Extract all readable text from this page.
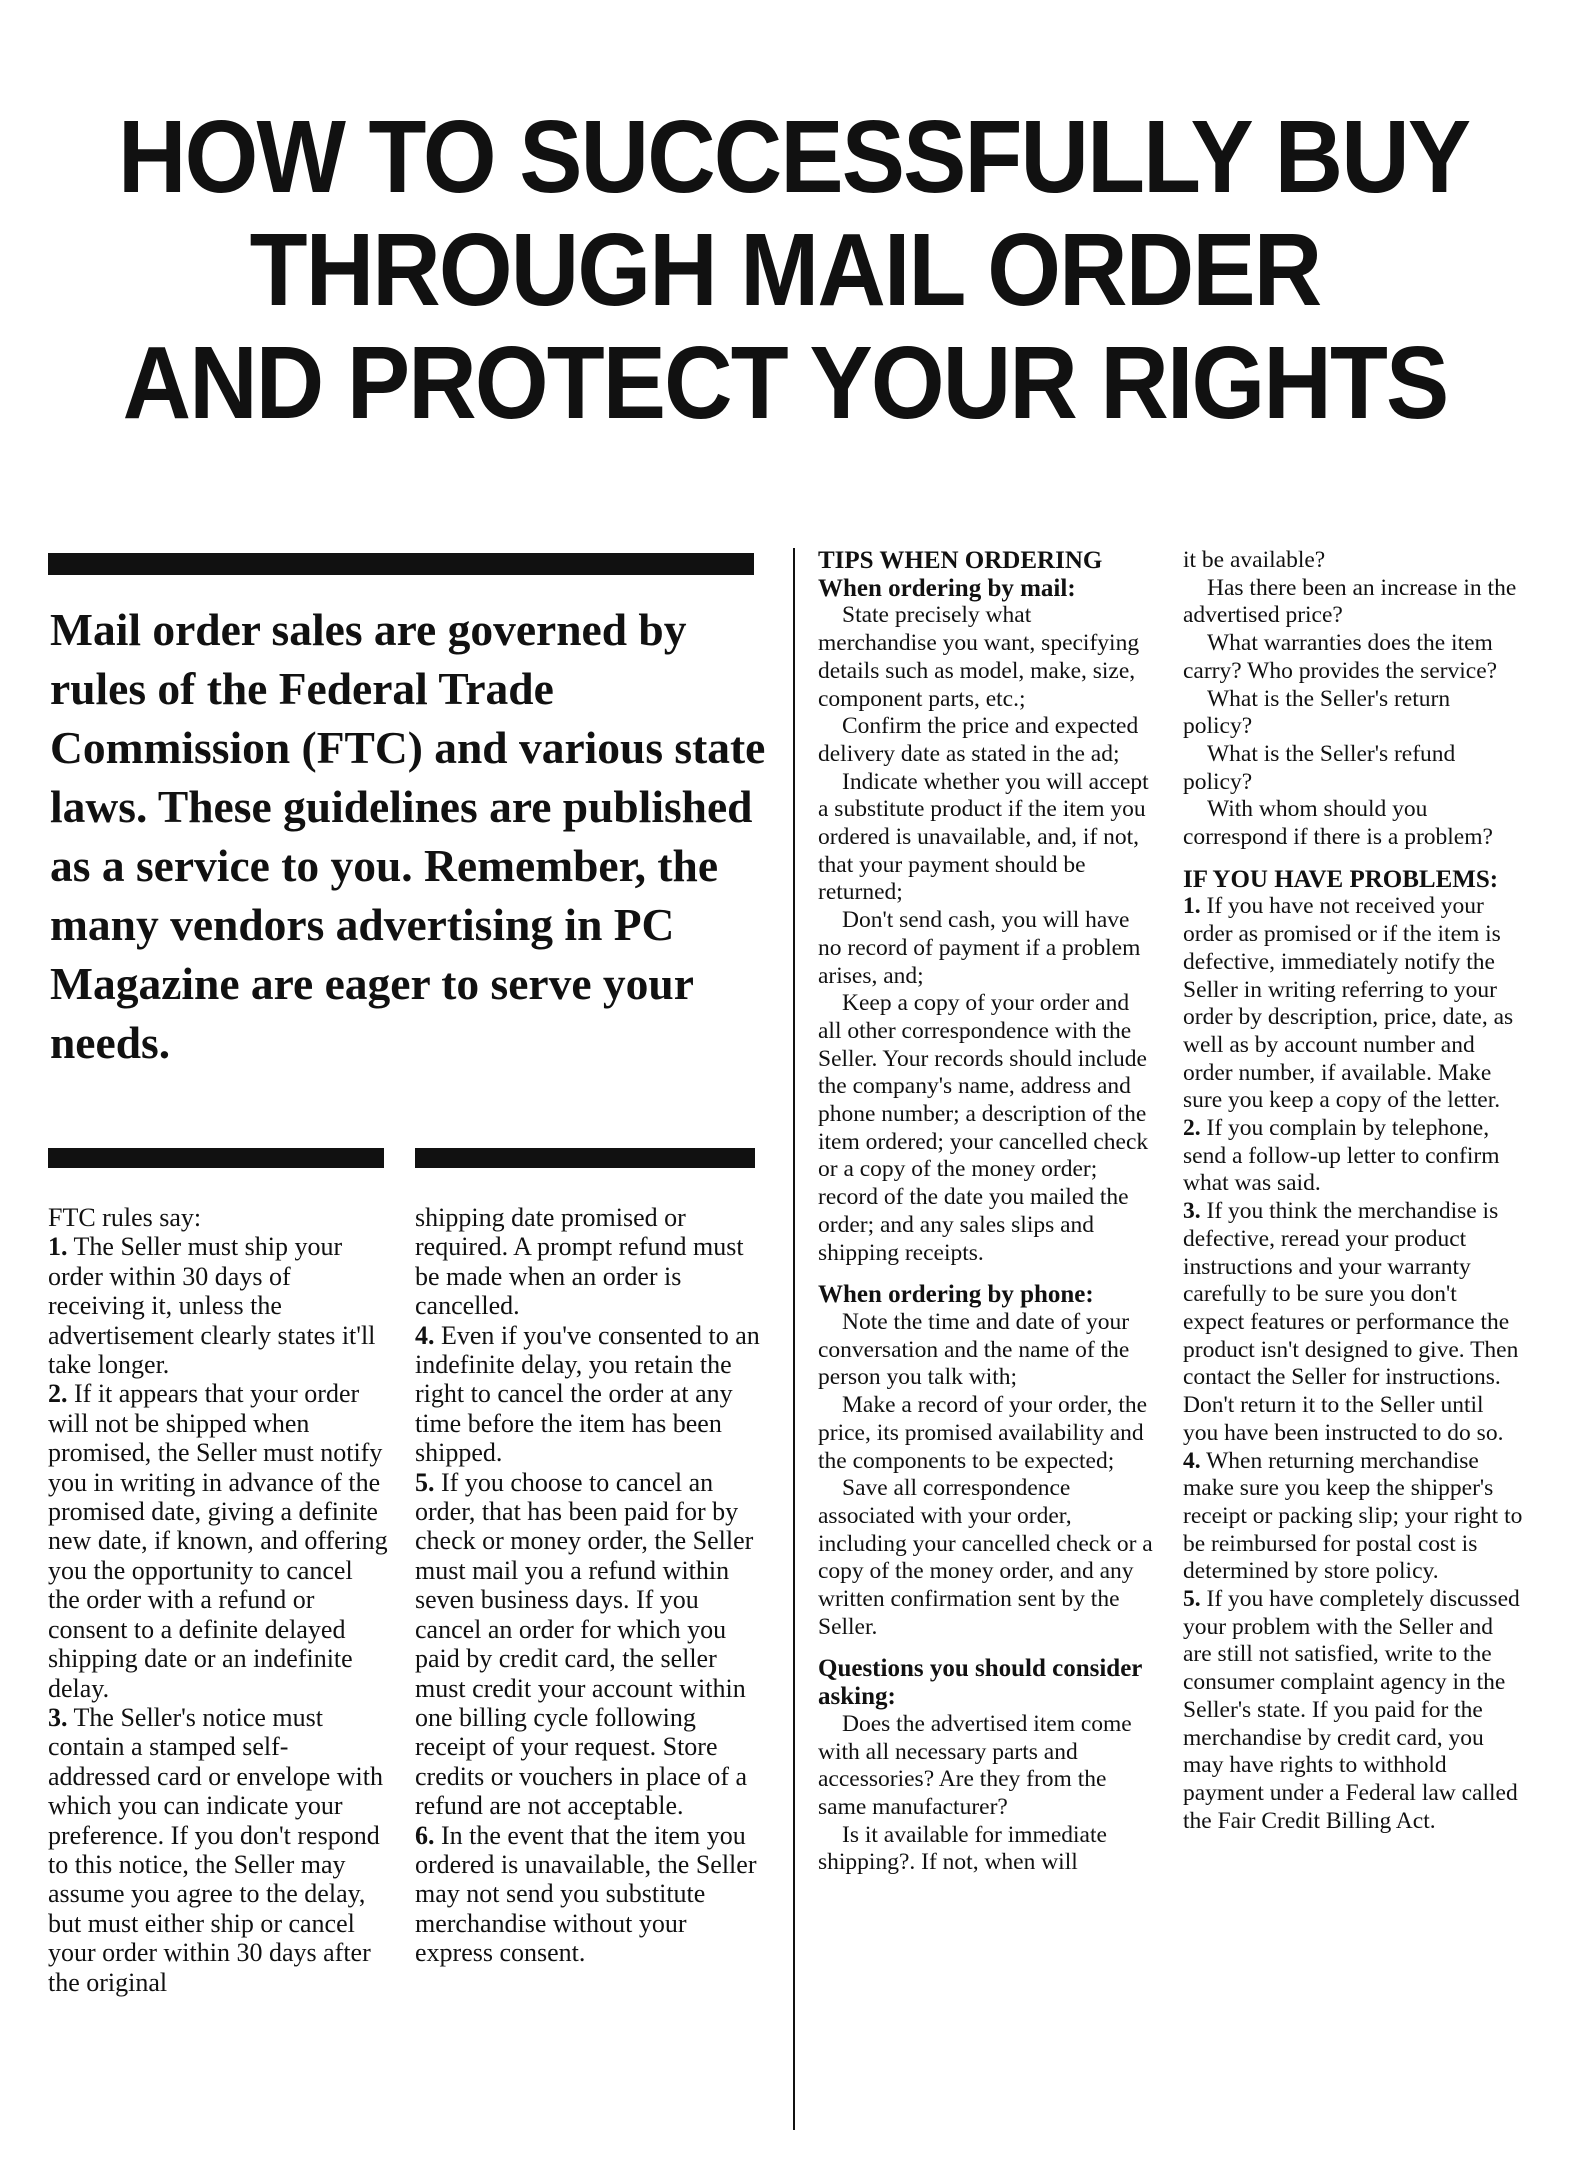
HOW TO SUCCESSFULLY BUY
THROUGH MAIL ORDER
AND PROTECT YOUR RIGHTS
Mail order sales are governed by rules of the Federal Trade Commission (FTC) and various state laws. These guidelines are published as a service to you. Remember, the many vendors advertising in PC Magazine are eager to serve your needs.

FTC rules say:

1. The Seller must ship your order within 30 days of receiving it, unless the advertisement clearly states it'll take longer.

2. If it appears that your order will not be shipped when promised, the Seller must notify you in writing in advance of the promised date, giving a definite new date, if known, and offering you the opportunity to cancel the order with a refund or consent to a definite delayed shipping date or an indefinite delay.

3. The Seller's notice must contain a stamped self-addressed card or envelope with which you can indicate your preference. If you don't respond to this notice, the Seller may assume you agree to the delay, but must either ship or cancel your order within 30 days after the original

shipping date promised or required. A prompt refund must be made when an order is cancelled.

4. Even if you've consented to an indefinite delay, you retain the right to cancel the order at any time before the item has been shipped.

5. If you choose to cancel an order, that has been paid for by check or money order, the Seller must mail you a refund within seven business days. If you cancel an order for which you paid by credit card, the seller must credit your account within one billing cycle following receipt of your request. Store credits or vouchers in place of a refund are not acceptable.

6. In the event that the item you ordered is unavailable, the Seller may not send you substitute merchandise without your express consent.

TIPS WHEN ORDERING

When ordering by mail:

State precisely what merchandise you want, specifying details such as model, make, size, component parts, etc.;

Confirm the price and expected delivery date as stated in the ad;

Indicate whether you will accept a substitute product if the item you ordered is unavailable, and, if not, that your payment should be returned;

Don't send cash, you will have no record of payment if a problem arises, and;

Keep a copy of your order and all other correspondence with the Seller. Your records should include the company's name, address and phone number; a description of the item ordered; your cancelled check or a copy of the money order; record of the date you mailed the order; and any sales slips and shipping receipts.

When ordering by phone:

Note the time and date of your conversation and the name of the person you talk with;

Make a record of your order, the price, its promised availability and the components to be expected;

Save all correspondence associated with your order, including your cancelled check or a copy of the money order, and any written confirmation sent by the Seller.

Questions you should consider asking:

Does the advertised item come with all necessary parts and accessories? Are they from the same manufacturer?

Is it available for immediate shipping?. If not, when will

it be available?

Has there been an increase in the advertised price?

What warranties does the item carry? Who provides the service?

What is the Seller's return policy?

What is the Seller's refund policy?

With whom should you correspond if there is a problem?

IF YOU HAVE PROBLEMS:

1. If you have not received your order as promised or if the item is defective, immediately notify the Seller in writing referring to your order by description, price, date, as well as by account number and order number, if available. Make sure you keep a copy of the letter.

2. If you complain by telephone, send a follow-up letter to confirm what was said.

3. If you think the merchandise is defective, reread your product instructions and your warranty carefully to be sure you don't expect features or performance the product isn't designed to give. Then contact the Seller for instructions. Don't return it to the Seller until you have been instructed to do so.

4. When returning merchandise make sure you keep the shipper's receipt or packing slip; your right to be reimbursed for postal cost is determined by store policy.

5. If you have completely discussed your problem with the Seller and are still not satisfied, write to the consumer complaint agency in the Seller's state. If you paid for the merchandise by credit card, you may have rights to withhold payment under a Federal law called the Fair Credit Billing Act.
